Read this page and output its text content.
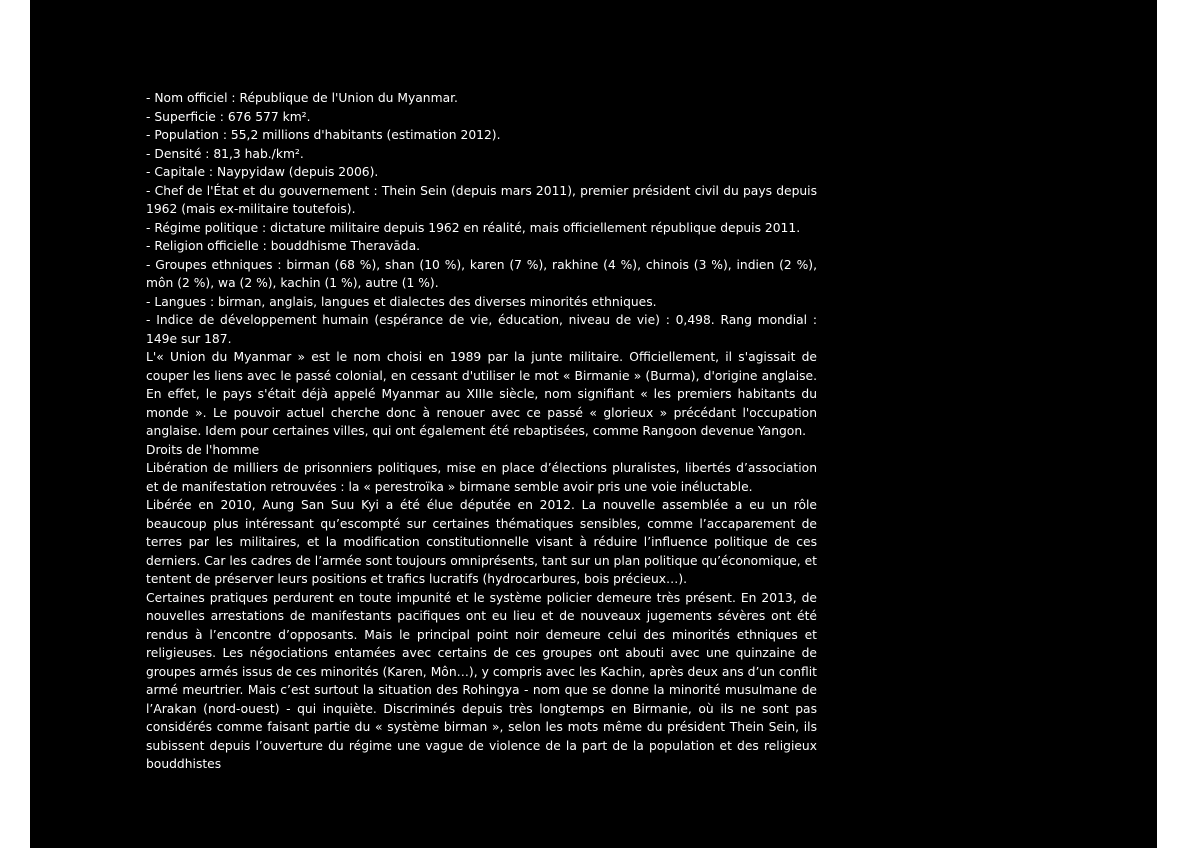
- Nom officiel : République de l'Union du Myanmar.

- Superficie : 676 577 km².

- Population : 55,2 millions d'habitants (estimation 2012).

- Densité : 81,3 hab./km².

- Capitale : Naypyidaw (depuis 2006).

- Chef de l'État et du gouvernement : Thein Sein (depuis mars 2011), premier président civil du pays depuis 1962 (mais ex-militaire toutefois).

- Régime politique : dictature militaire depuis 1962 en réalité, mais officiellement république depuis 2011.

- Religion officielle : bouddhisme Theravāda.

- Groupes ethniques : birman (68 %), shan (10 %), karen (7 %), rakhine (4 %), chinois (3 %), indien (2 %), môn (2 %), wa (2 %), kachin (1 %), autre (1 %).

- Langues : birman, anglais, langues et dialectes des diverses minorités ethniques.

- Indice de développement humain (espérance de vie, éducation, niveau de vie) : 0,498. Rang mondial : 149e sur 187.

L'« Union du Myanmar » est le nom choisi en 1989 par la junte militaire. Officiellement, il s'agissait de couper les liens avec le passé colonial, en cessant d'utiliser le mot « Birmanie » (Burma), d'origine anglaise. En effet, le pays s'était déjà appelé Myanmar au XIIIe siècle, nom signifiant « les premiers habitants du monde ». Le pouvoir actuel cherche donc à renouer avec ce passé « glorieux » précédant l'occupation anglaise. Idem pour certaines villes, qui ont également été rebaptisées, comme Rangoon devenue Yangon.

Droits de l'homme

Libération de milliers de prisonniers politiques, mise en place d’élections pluralistes, libertés d’association et de manifestation retrouvées : la « perestroïka » birmane semble avoir pris une voie inéluctable.

Libérée en 2010, Aung San Suu Kyi a été élue députée en 2012. La nouvelle assemblée a eu un rôle beaucoup plus intéressant qu’escompté sur certaines thématiques sensibles, comme l’accaparement de terres par les militaires, et la modification constitutionnelle visant à réduire l’influence politique de ces derniers. Car les cadres de l’armée sont toujours omniprésents, tant sur un plan politique qu’économique, et tentent de préserver leurs positions et trafics lucratifs (hydrocarbures, bois précieux…).

Certaines pratiques perdurent en toute impunité et le système policier demeure très présent. En 2013, de nouvelles arrestations de manifestants pacifiques ont eu lieu et de nouveaux jugements sévères ont été rendus à l’encontre d’opposants. Mais le principal point noir demeure celui des minorités ethniques et religieuses. Les négociations entamées avec certains de ces groupes ont abouti avec une quinzaine de groupes armés issus de ces minorités (Karen, Môn…), y compris avec les Kachin, après deux ans d’un conflit armé meurtrier. Mais c’est surtout la situation des Rohingya - nom que se donne la minorité musulmane de l’Arakan (nord-ouest) - qui inquiète. Discriminés depuis très longtemps en Birmanie, où ils ne sont pas considérés comme faisant partie du « système birman », selon les mots même du président Thein Sein, ils subissent depuis l’ouverture du régime une vague de violence de la part de la population et des religieux bouddhistes
